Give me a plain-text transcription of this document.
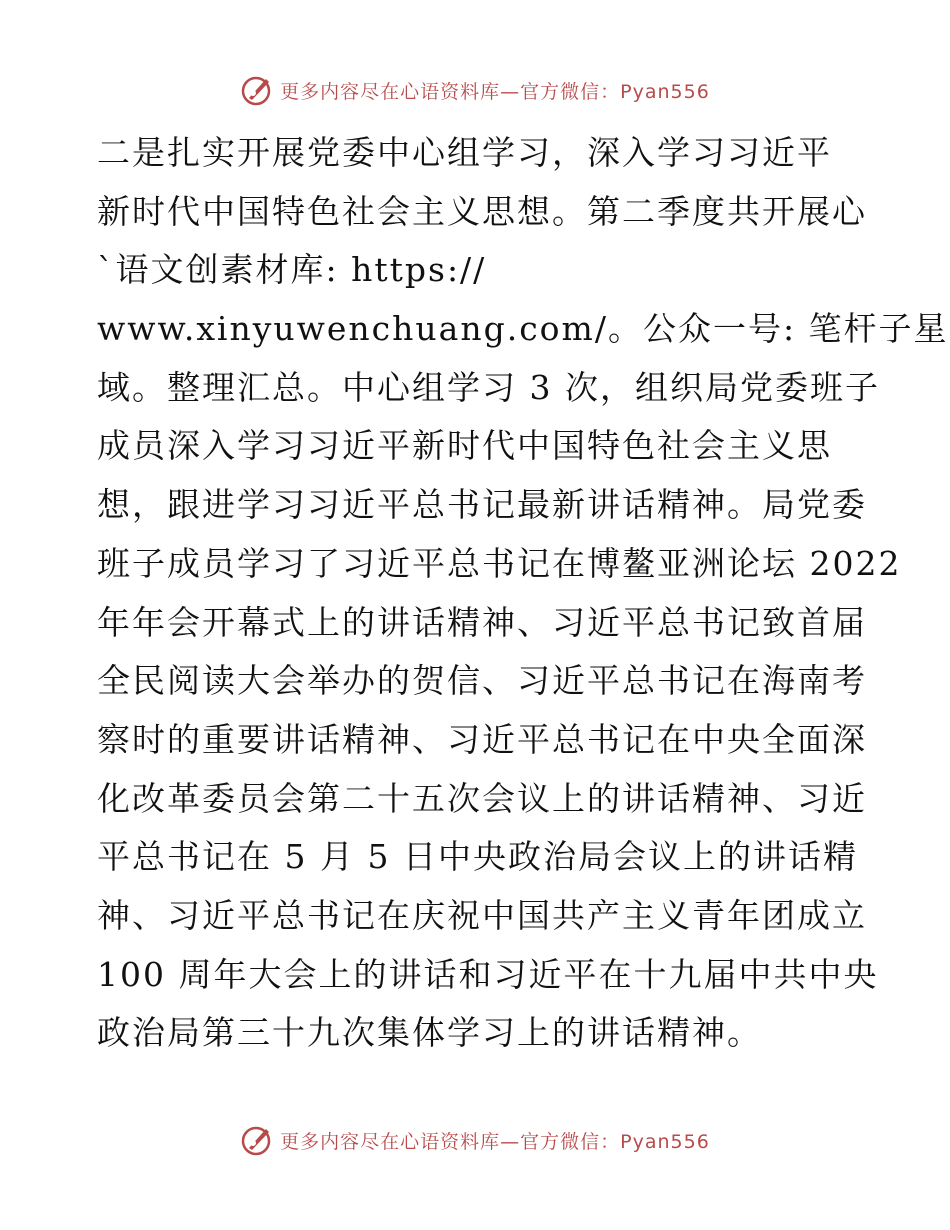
更多内容尽在心语资料库—官方微信：Pyan556
二是扎实开展党委中心组学习，深入学习习近平
新时代中国特色社会主义思想。第二季度共开展心
`语文创素材库: https://
www.xinyuwenchuang.com/。公众一号: 笔杆子星
域。整理汇总。中心组学习 3 次，组织局党委班子
成员深入学习习近平新时代中国特色社会主义思
想，跟进学习习近平总书记最新讲话精神。局党委
班子成员学习了习近平总书记在博鳌亚洲论坛 2022
年年会开幕式上的讲话精神、习近平总书记致首届
全民阅读大会举办的贺信、习近平总书记在海南考
察时的重要讲话精神、习近平总书记在中央全面深
化改革委员会第二十五次会议上的讲话精神、习近
平总书记在 5 月 5 日中央政治局会议上的讲话精
神、习近平总书记在庆祝中国共产主义青年团成立
100 周年大会上的讲话和习近平在十九届中共中央
政治局第三十九次集体学习上的讲话精神。
更多内容尽在心语资料库—官方微信：Pyan556
